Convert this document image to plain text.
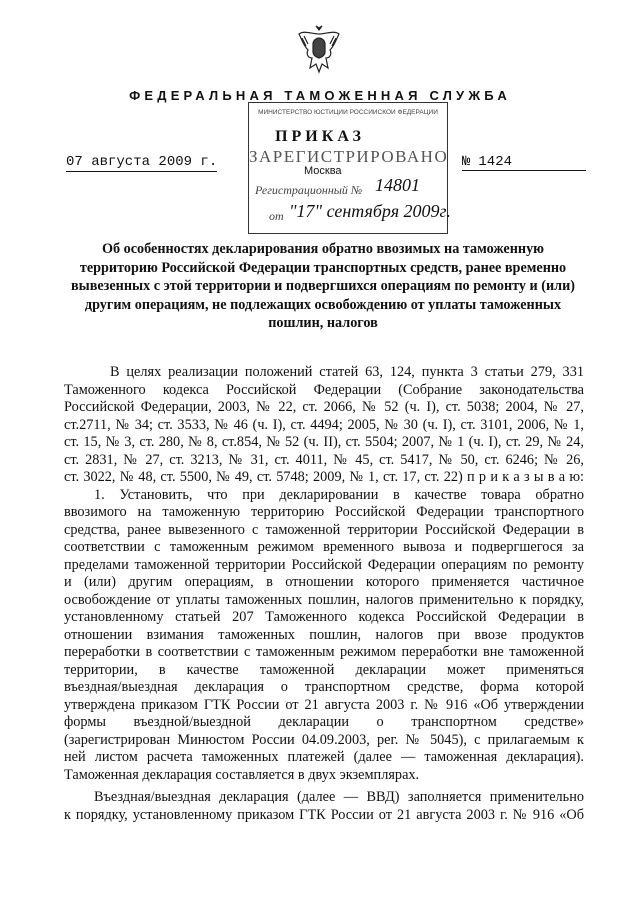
ФЕДЕРАЛЬНАЯ ТАМОЖЕННАЯ СЛУЖБА
МИНИСТЕРСТВО ЮСТИЦИИ РОССИЙСКОЙ ФЕДЕРАЦИИ
ЗАРЕГИСТРИРОВАНО
Регистрационный № 14801
от "17" сентября 2009г.
ПРИКАЗ
Москва
07 августа 2009 г.	№ 1424
Об особенностях декларирования обратно ввозимых на таможенную
территорию Российской Федерации транспортных средств, ранее временно
вывезенных с этой территории и подвергшихся операциям по ремонту и (или)
другим операциям, не подлежащих освобождению от уплаты таможенных
пошлин, налогов
В целях реализации положений статей 63, 124, пункта 3 статьи 279, 331
Таможенного кодекса Российской Федерации (Собрание законодательства
Российской Федерации, 2003, № 22, ст. 2066, № 52 (ч. I), ст. 5038; 2004, № 27,
ст.2711, № 34; ст. 3533, № 46 (ч. I), ст. 4494; 2005, № 30 (ч. I), ст. 3101, 2006, № 1,
ст. 15, № 3, ст. 280, № 8, ст.854, № 52 (ч. II), ст. 5504; 2007, № 1 (ч. I), ст. 29, № 24,
ст. 2831, № 27, ст. 3213, № 31, ст. 4011, № 45, ст. 5417, № 50, ст. 6246; № 26,
ст. 3022, № 48, ст. 5500, № 49, ст. 5748; 2009, № 1, ст. 17, ст. 22) п р и к а з ы в а ю:
1. Установить, что при декларировании в качестве товара обратно
ввозимого на таможенную территорию Российской Федерации транспортного
средства, ранее вывезенного с таможенной территории Российской Федерации в
соответствии с таможенным режимом временного вывоза и подвергшегося за
пределами таможенной территории Российской Федерации операциям по ремонту
и (или) другим операциям, в отношении которого применяется частичное
освобождение от уплаты таможенных пошлин, налогов применительно к порядку,
установленному статьей 207 Таможенного кодекса Российской Федерации в
отношении взимания таможенных пошлин, налогов при ввозе продуктов
переработки в соответствии с таможенным режимом переработки вне таможенной
территории, в качестве таможенной декларации может применяться
въездная/выездная декларация о транспортном средстве, форма которой
утверждена приказом ГТК России от 21 августа 2003 г. № 916 «Об утверждении
формы въездной/выездной декларации о транспортном средстве»
(зарегистрирован Минюстом России 04.09.2003, рег. № 5045), с прилагаемым к
ней листом расчета таможенных платежей (далее — таможенная декларация).
Таможенная декларация составляется в двух экземплярах.
Въездная/выездная декларация (далее — ВВД) заполняется применительно
к порядку, установленному приказом ГТК России от 21 августа 2003 г. № 916 «Об
